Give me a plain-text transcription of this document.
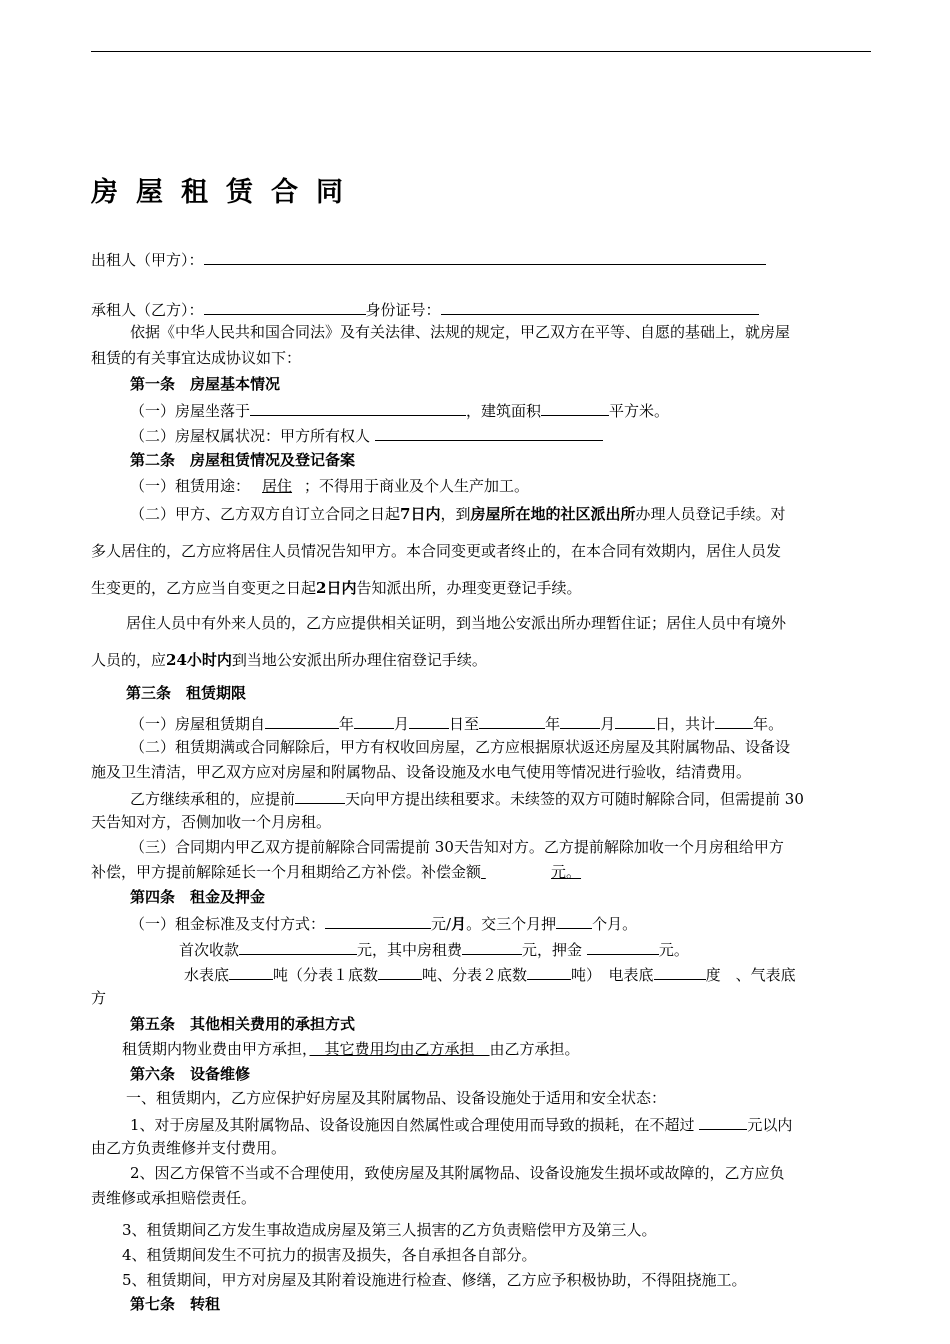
房屋租赁合同
出租人（甲方）：
承租人（乙方）：	身份证号：
依据《中华人民共和国合同法》及有关法律、法规的规定，甲乙双方在平等、自愿的基础上，就房屋
租赁的有关事宜达成协议如下：
第一条　房屋基本情况
（一）房屋坐落于	，建筑面积	平方米。
（二）房屋权属状况：甲方所有权人
第二条　房屋租赁情况及登记备案
（一）租赁用途： 居住 ；不得用于商业及个人生产加工。
（二）甲方、乙方双方自订立合同之日起7日内，到房屋所在地的社区派出所办理人员登记手续。对
多人居住的，乙方应将居住人员情况告知甲方。本合同变更或者终止的，在本合同有效期内，居住人员发
生变更的，乙方应当自变更之日起2日内告知派出所，办理变更登记手续。
居住人员中有外来人员的，乙方应提供相关证明，到当地公安派出所办理暂住证；居住人员中有境外
人员的，应24小时内到当地公安派出所办理住宿登记手续。
第三条　租赁期限
（一）房屋租赁期自	年	月	日至	年	月	日，共计	年。
（二）租赁期满或合同解除后，甲方有权收回房屋，乙方应根据原状返还房屋及其附属物品、设备设
施及卫生清洁，甲乙双方应对房屋和附属物品、设备设施及水电气使用等情况进行验收，结清费用。
乙方继续承租的，应提前	天向甲方提出续租要求。未续签的双方可随时解除合同，但需提前 30
天告知对方，否侧加收一个月房租。
（三）合同期内甲乙双方提前解除合同需提前 30天告知对方。乙方提前解除加收一个月房租给甲方
补偿，甲方提前解除延长一个月租期给乙方补偿。补偿金额	元。
第四条　租金及押金
（一）租金标准及支付方式：	元/月。交三个月押 个月。
首次收款	元，其中房租费	元，押金	元。
水表底	吨（分表１底数	吨、分表２底数	吨）　电表底	度　、气表底
方
第五条　其他相关费用的承担方式
租赁期内物业费由甲方承担，　其它费用均由乙方承担　由乙方承担。
第六条　设备维修
一、租赁期内，乙方应保护好房屋及其附属物品、设备设施处于适用和安全状态：
1、对于房屋及其附属物品、设备设施因自然属性或合理使用而导致的损耗，在不超过	元以内
由乙方负责维修并支付费用。
2、因乙方保管不当或不合理使用，致使房屋及其附属物品、设备设施发生损坏或故障的，乙方应负
责维修或承担赔偿责任。
3、租赁期间乙方发生事故造成房屋及第三人损害的乙方负责赔偿甲方及第三人。
4、租赁期间发生不可抗力的损害及损失，各自承担各自部分。
5、租赁期间，甲方对房屋及其附着设施进行检查、修缮，乙方应予积极协助，不得阻挠施工。
第七条　转租
